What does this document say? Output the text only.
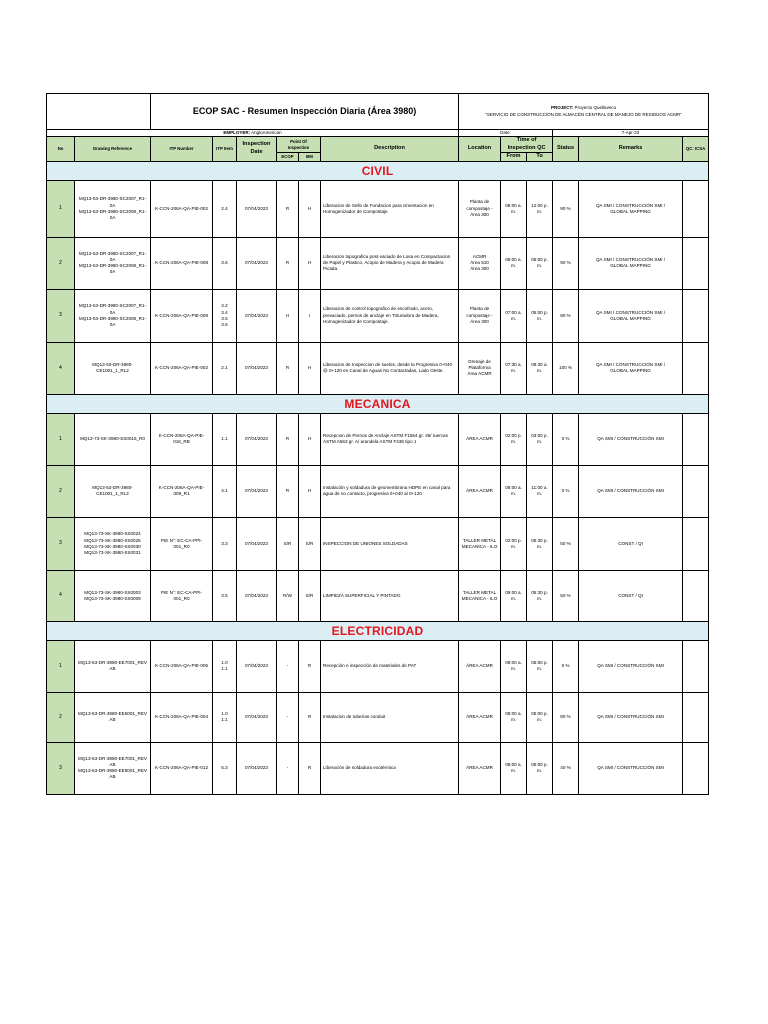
		ECOP SAC - Resumen Inspección Diaria (Área 3980)						PROJECT: Proyecto Quellaveco
"SERVICIO DE CONSTRUCCIÓN DE ALMACÉN CENTRAL DE MANEJO DE RESIDUOS ACMR"					

EMPLOYER: AngloAmerican								Date:			7-Apr-23		
No	Drawing Reference	ITP Number	ITP Item	Inspection Date	Point Of Inspection		Description	Location	Time of Inspection QC		Status	Remarks	QC: ICSA
					ECOP	BM			From	To			
CIVIL													
1	MQ13-53-DR-3980-SC2007_R1-0A
MQ13-53-DR-3980-SC2008_R1-0A	K-CCN-206A-QA-PIE-002	2.4	07/04/2023	R	H	Liberacion de Sello de Fundacion para cimentacion en Homogenizador de Compostaje	Planta de compostaje -
Área 300	08:00 a. m.	12:00 p. m.	90 %	QA SMI / CONSTRUCCIÓN SMI /
GLOBAL MAPPING	

2	MQ13-53-DR-3980-SC2007_R1-0A
MQ13-53-DR-3980-SC2008_R1-0A	K-CCN-206A-QA-PIE-008	3.6	07/04/2023	R	H	Liberacion topografica post-vaciado de Losa en Compactacion de Papel y Plastico, Acopio de Madera y Acopio de Madera Picada.	ACMR
Área 510
Área 300	08:00 a. m.	05:00 p. m.	90 %	QA SMI / CONSTRUCCIÓN SMI /
GLOBAL MAPPING	

3	MQ13-53-DR-3980-SC2007_R1-0A
MQ13-53-DR-3980-SC2008_R1-0A	K-CCN-206A-QA-PIE-008	3.2
3.4
3.5
3.6	07/04/2023	H	I	Liberacion de control topografico de encofrado, acero, prevaciado, pernos de anclaje en Trituradora de Madera, Homogenizador de Compostaje.	Planta de compostaje -
Área 300	07:00 a. m.	05:00 p. m.	80 %	QA SMI / CONSTRUCCIÓN SMI /
GLOBAL MAPPING	

4	MQ13-53-DR-3980-CE1001_1_RL2	K-CCN-206A-QA-PIE-002	2.1	07/04/2023	R	H	Liberacion de Inspeccion de suelos, desde la Progresiva 0+040 @ 0+120 en Canal de Aguas No Contactadas, Lado Oeste.	Drenaje de Plataforma
Área ACMR	07:30 a. m.	08:30 a. m.	100 %	QA SMI / CONSTRUCCIÓN SMI /
GLOBAL MAPPING	

MECANICA													
1	MQ13-73-SK-3980-SS0015_R0	K-CCN-206A-QA-PIE-016_RB	1.1	07/04/2023	R	H	Recepcion de Pernos de Anclaje ASTM F1554 gr. 36/ tuercas ASTM A563 gr. A/ arandela ASTM F436 tipo 1	ÁREA ACMR	02:00 p. m.	03:00 p. m.	0 %	QA SMI / CONSTRUCCIÓN SMI	

2	MQ13-53-DR-3980-CE1001_1_RL2	K-CCN-206A-QA-PIE-009_R1	4.1	07/04/2023	R	H	Instalación y soldadura de geomembrana HDPE en canal para agua de no contacto, progresiva 0+040 al 0+120	ÁREA ACMR	08:00 a. m.	11:00 a. m.	0 %	QA SMI / CONSTRUCCIÓN SMI	

3	MQ13-73-SK-3980-SS0024
MQ13-73-SK-3980-SS0025
MQ13-73-SK-3980-SS0030
MQ13-73-SK-3980-SS0031	PIE N°: EC-CA-PPI-001_R0	3.3	07/04/2023	S/R	S/R	INSPECCION DE UNIONES SOLDADAS	TALLER METAL
MECANICA - ILO	02:00 p. m.	05:30 p. m.	50 %	CONST / QI	

4	MQ13-73-SK-3980-SS0003
MQ13-73-SK-3980-SS0009	PIE N°: EC-CA-PPI-001_R0	3.5	07/04/2023	R/W	S/R	LIMPIEZA SUPERFICIAL Y PINTADO	TALLER METAL
MECANICA - ILO	09:00 a. m.	05:30 p. m.	50 %	CONST / QI	

ELECTRICIDAD													
1	MQ13-53-DR-3980-EE7001_REV AB	K-CCN-206A-QA-PIE-005	1.0
1.1	07/04/2023	-	R	Recepción e inspección de materiales de PAT	ÁREA ACMR	08:00 a. m.	05:00 p. m.	0 %	QA SMI / CONSTRUCCIÓN SMI	

2	MQ13-53-DR-3980-EE5001_REV AB	K-CCN-206A-QA-PIE-004	1.0
1.1	07/04/2023	-	R	Instalacion de tuberías conduit	ÁREA ACMR	08:00 a. m.	05:00 p. m.	80 %	QA SMI / CONSTRUCCIÓN SMI	

3	MQ13-53-DR-3980-EE7001_REV AB
MQ13-53-DR-3980-EE5001_REV AB	K-CCN-206A-QA-PIE-012	5.3	07/04/2023	-	R	Liberación de soldadura exotérmica	ÁREA ACMR	08:00 a. m.	05:00 p. m.	40 %	QA SMI / CONSTRUCCIÓN SMI	
